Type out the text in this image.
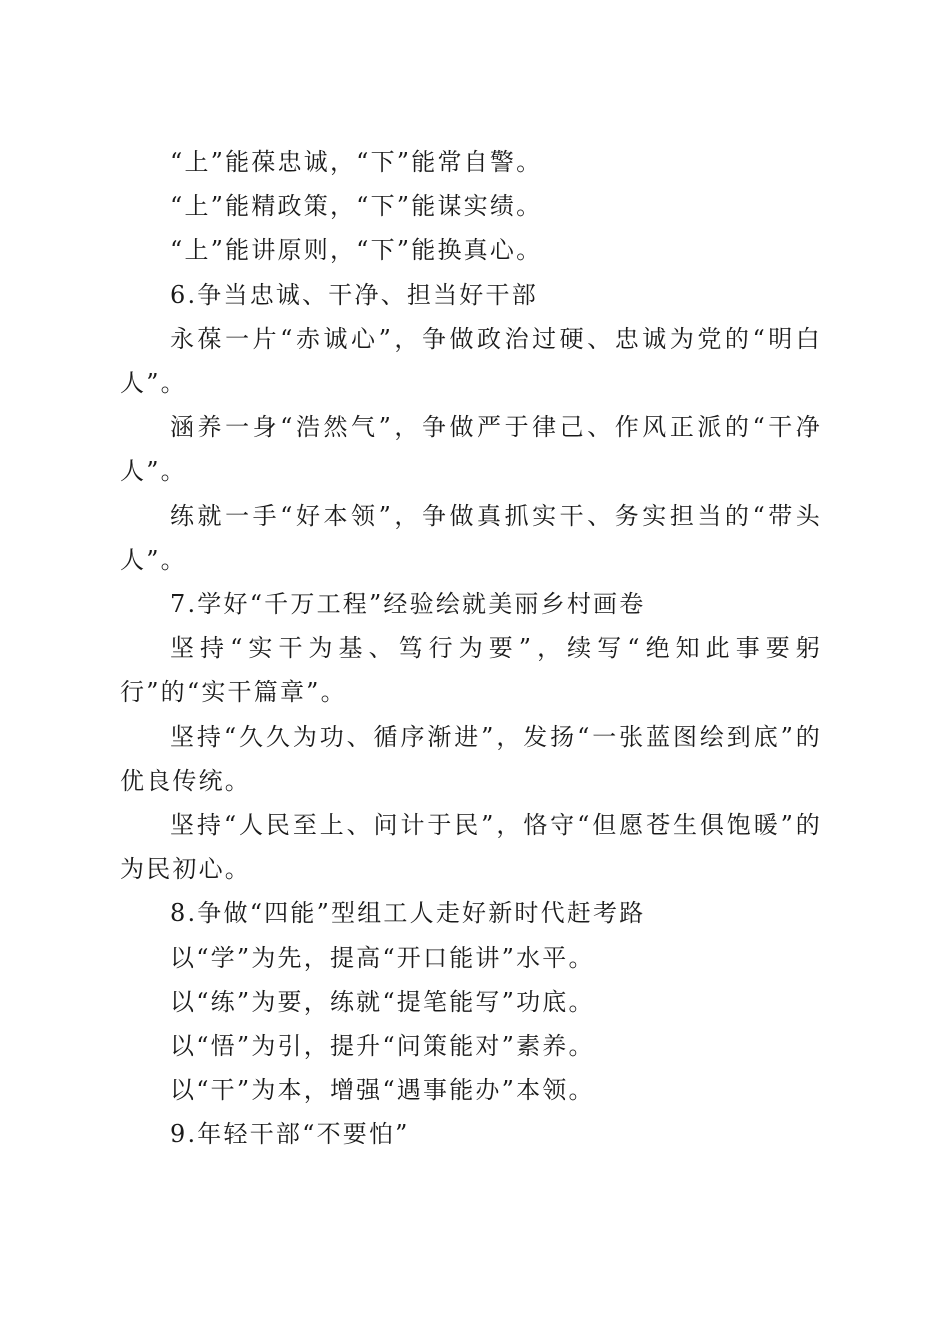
“上”能葆忠诚，“下”能常自警。

“上”能精政策，“下”能谋实绩。

“上”能讲原则，“下”能换真心。

6.争当忠诚、干净、担当好干部

永葆一片“赤诚心”，争做政治过硬、忠诚为党的“明白人”。

涵养一身“浩然气”，争做严于律己、作风正派的“干净人”。

练就一手“好本领”，争做真抓实干、务实担当的“带头人”。

7.学好“千万工程”经验绘就美丽乡村画卷

坚持“实干为基、笃行为要”，续写“绝知此事要躬行”的“实干篇章”。

坚持“久久为功、循序渐进”，发扬“一张蓝图绘到底”的优良传统。

坚持“人民至上、问计于民”，恪守“但愿苍生俱饱暖”的为民初心。

8.争做“四能”型组工人走好新时代赶考路

以“学”为先，提高“开口能讲”水平。

以“练”为要，练就“提笔能写”功底。

以“悟”为引，提升“问策能对”素养。

以“干”为本，增强“遇事能办”本领。

9.年轻干部“不要怕”
